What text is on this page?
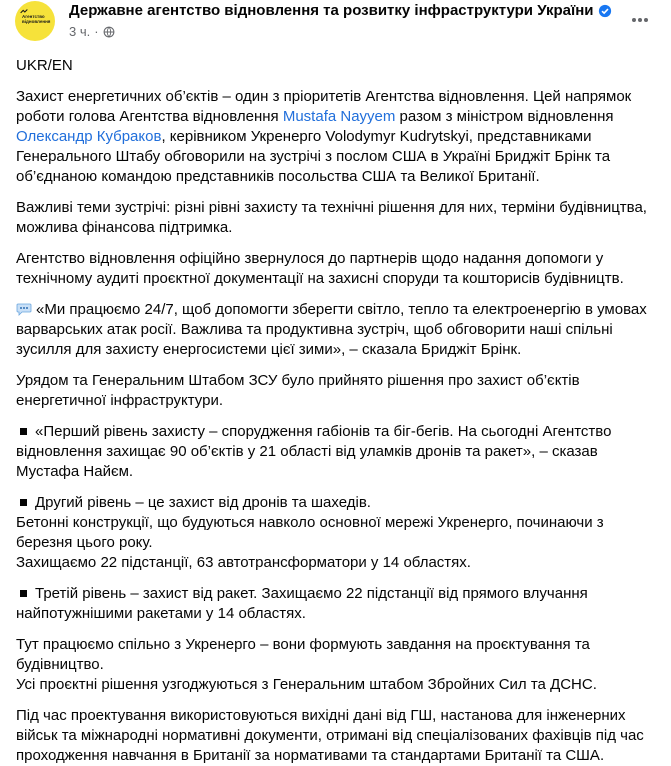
Агентство відновлення
Державне агентство відновлення та розвитку інфраструктури України
3 ч. ·

UKR/EN

Захист енергетичних об’єктів – один з пріоритетів Агентства відновлення. Цей напрямок роботи голова Агентства відновлення Mustafa Nayyem разом з міністром відновлення Олександр Кубраков, керівником Укренерго Volodymyr Kudrytskyi, представниками Генерального Штабу обговорили на зустрічі з послом США в Україні Бриджіт Брінк та об’єднаною командою представників посольства США та Великої Британії.

Важливі теми зустрічі: різні рівні захисту та технічні рішення для них, терміни будівництва, можлива фінансова підтримка.

Агентство відновлення офіційно звернулося до партнерів щодо надання допомоги у технічному аудиті проєктної документації на захисні споруди та кошторисів будівництв.

«Ми працюємо 24/7, щоб допомогти зберегти світло, тепло та електроенергію в умовах варварських атак росії. Важлива та продуктивна зустріч, щоб обговорити наші спільні зусилля для захисту енергосистеми цієї зими», – сказала Бриджіт Брінк.

Урядом та Генеральним Штабом ЗСУ було прийнято рішення про захист об’єктів енергетичної інфраструктури.

«Перший рівень захисту – спорудження габіонів та біг-бегів. На сьогодні Агентство відновлення захищає 90 об’єктів у 21 області від уламків дронів та ракет», – сказав Мустафа Найєм.

Другий рівень – це захист від дронів та шахедів.
Бетонні конструкції, що будуються навколо основної мережі Укренерго, починаючи з березня цього року.
Захищаємо 22 підстанції, 63 автотрансформатори у 14 областях.

Третій рівень – захист від ракет. Захищаємо 22 підстанції від прямого влучання найпотужнішими ракетами у 14 областях.

Тут працюємо спільно з Укренерго – вони формують завдання на проєктування та будівництво.
Усі проєктні рішення узгоджуються з Генеральним штабом Збройних Сил та ДСНС.

Під час проектування використовуються вихідні дані від ГШ, настанова для інженерних військ та міжнародні нормативні документи, отримані від спеціалізованих фахівців під час проходження навчання в Британії за нормативами та стандартами Британії та США.
